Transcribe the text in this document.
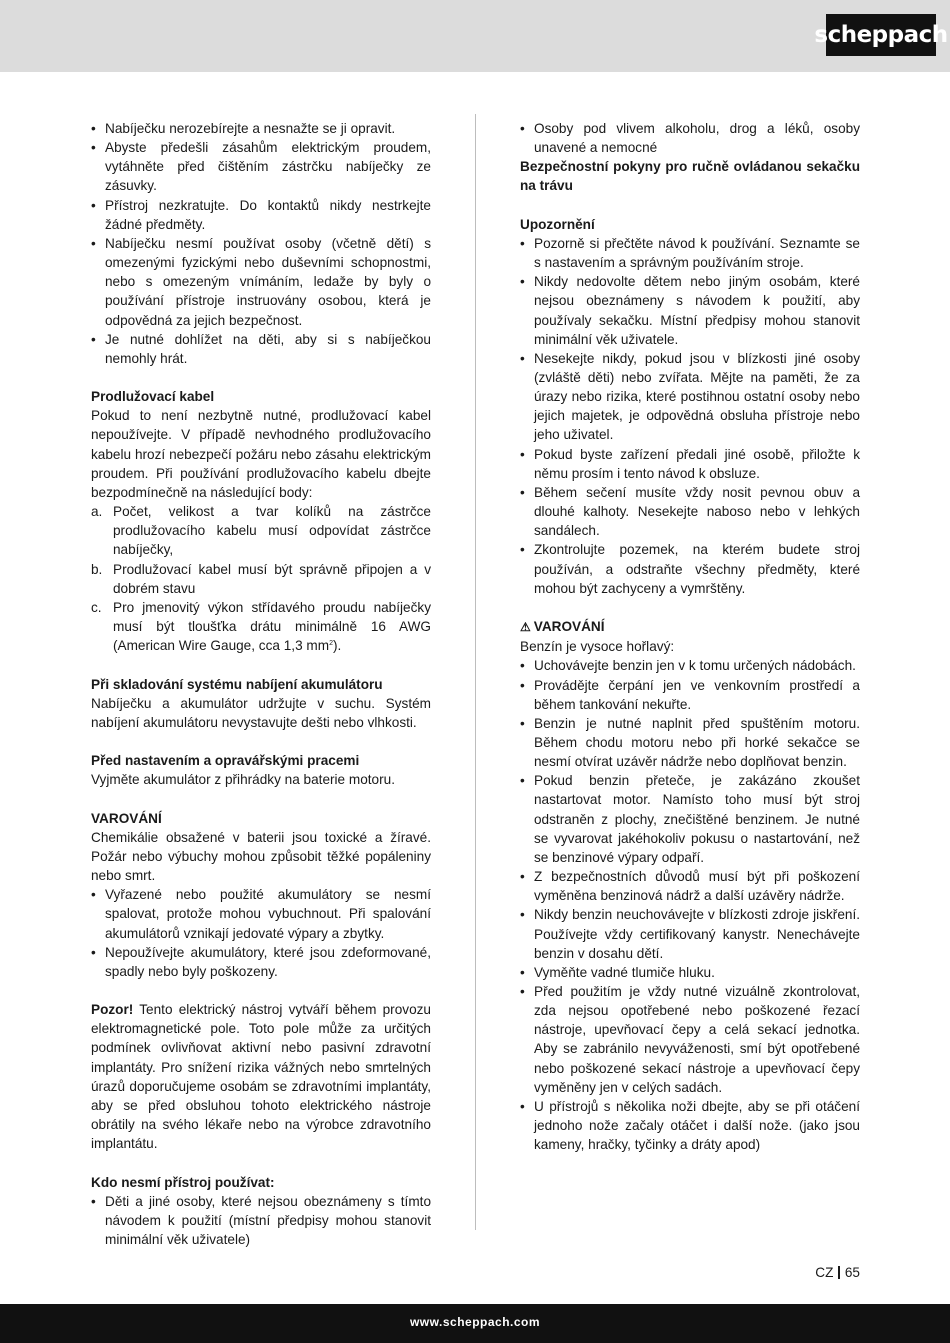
scheppach
• Nabíječku nerozebírejte a nesnažte se ji opravit.
• Abyste předešli zásahům elektrickým proudem, vytáhněte před čištěním zástrčku nabíječky ze zásuvky.
• Přístroj nezkratujte. Do kontaktů nikdy nestrkejte žádné předměty.
• Nabíječku nesmí používat osoby (včetně dětí) s omezenými fyzickými nebo duševními schopnostmi, nebo s omezeným vnímáním, ledaže by byly o používání přístroje instruovány osobou, která je odpovědná za jejich bezpečnost.
• Je nutné dohlížet na děti, aby si s nabíječkou nemohly hrát.

Prodlužovací kabel

Pokud to není nezbytně nutné, prodlužovací kabel nepoužívejte. V případě nevhodného prodlužovacího kabelu hrozí nebezpečí požáru nebo zásahu elektrickým proudem. Při používání prodlužovacího kabelu dbejte bezpodmínečně na následující body:

a. Počet, velikost a tvar kolíků na zástrčce prodlužovacího kabelu musí odpovídat zástrčce nabíječky,
b. Prodlužovací kabel musí být správně připojen a v dobrém stavu
c. Pro jmenovitý výkon střídavého proudu nabíječky musí být tloušťka drátu minimálně 16 AWG (American Wire Gauge, cca 1,3 $mm^2$).

Při skladování systému nabíjení akumulátoru

Nabíječku a akumulátor udržujte v suchu. Systém nabíjení akumulátoru nevystavujte dešti nebo vlhkosti.

Před nastavením a opravářskými pracemi

Vyjměte akumulátor z přihrádky na baterie motoru.

VAROVÁNÍ

Chemikálie obsažené v baterii jsou toxické a žíravé. Požár nebo výbuchy mohou způsobit těžké popáleniny nebo smrt.

• Vyřazené nebo použité akumulátory se nesmí spalovat, protože mohou vybuchnout. Při spalování akumulátorů vznikají jedovaté výpary a zbytky.
• Nepoužívejte akumulátory, které jsou zdeformované, spadly nebo byly poškozeny.

Pozor! Tento elektrický nástroj vytváří během provozu elektromagnetické pole. Toto pole může za určitých podmínek ovlivňovat aktivní nebo pasivní zdravotní implantáty. Pro snížení rizika vážných nebo smrtelných úrazů doporučujeme osobám se zdravotními implantáty, aby se před obsluhou tohoto elektrického nástroje obrátily na svého lékaře nebo na výrobce zdravotního implantátu.

Kdo nesmí přístroj používat:

• Děti a jiné osoby, které nejsou obeznámeny s tímto návodem k použití (místní předpisy mohou stanovit minimální věk uživatele)
• Osoby pod vlivem alkoholu, drog a léků, osoby unavené a nemocné

Bezpečnostní pokyny pro ručně ovládanou sekačku na trávu

Upozornění

• Pozorně si přečtěte návod k používání. Seznamte se s nastavením a správným používáním stroje.
• Nikdy nedovolte dětem nebo jiným osobám, které nejsou obeznámeny s návodem k použití, aby používaly sekačku. Místní předpisy mohou stanovit minimální věk uživatele.
• Nesekejte nikdy, pokud jsou v blízkosti jiné osoby (zvláště děti) nebo zvířata. Mějte na paměti, že za úrazy nebo rizika, které postihnou ostatní osoby nebo jejich majetek, je odpovědná obsluha přístroje nebo jeho uživatel.
• Pokud byste zařízení předali jiné osobě, přiložte k němu prosím i tento návod k obsluze.
• Během sečení musíte vždy nosit pevnou obuv a dlouhé kalhoty. Nesekejte naboso nebo v lehkých sandálech.
• Zkontrolujte pozemek, na kterém budete stroj používán, a odstraňte všechny předměty, které mohou být zachyceny a vymrštěny.

⚠ VAROVÁNÍ

Benzín je vysoce hořlavý:

• Uchovávejte benzin jen v k tomu určených nádobách.
• Provádějte čerpání jen ve venkovním prostředí a během tankování nekuřte.
• Benzin je nutné naplnit před spuštěním motoru. Během chodu motoru nebo při horké sekačce se nesmí otvírat uzávěr nádrže nebo doplňovat benzin.
• Pokud benzin přeteče, je zakázáno zkoušet nastartovat motor. Namísto toho musí být stroj odstraněn z plochy, znečištěné benzinem. Je nutné se vyvarovat jakéhokoliv pokusu o nastartování, než se benzinové výpary odpaří.
• Z bezpečnostních důvodů musí být při poškození vyměněna benzinová nádrž a další uzávěry nádrže.
• Nikdy benzin neuchovávejte v blízkosti zdroje jiskření. Používejte vždy certifikovaný kanystr. Nenechávejte benzin v dosahu dětí.
• Vyměňte vadné tlumiče hluku.
• Před použitím je vždy nutné vizuálně zkontrolovat, zda nejsou opotřebené nebo poškozené řezací nástroje, upevňovací čepy a celá sekací jednotka. Aby se zabránilo nevyváženosti, smí být opotřebené nebo poškozené sekací nástroje a upevňovací čepy vyměněny jen v celých sadách.
• U přístrojů s několika noži dbejte, aby se při otáčení jednoho nože začaly otáčet i další nože. (jako jsou kameny, hračky, tyčinky a dráty apod)
CZ 65
www.scheppach.com
